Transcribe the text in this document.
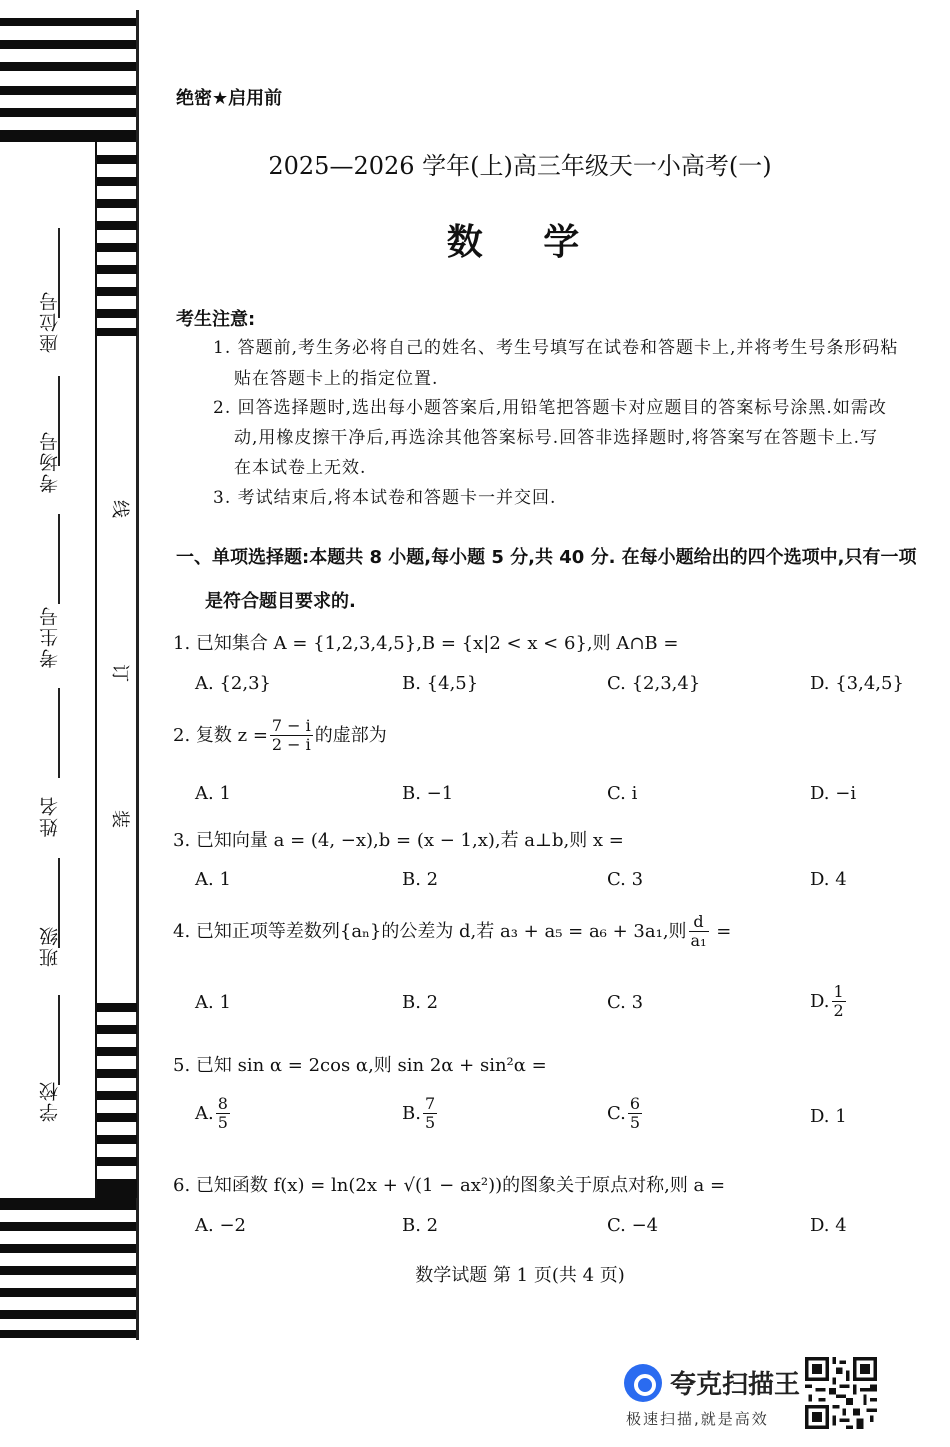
座位号
考场号
考生号
姓名
班级
学校
线
订
装
绝密★启用前
2025—2026 学年(上)高三年级天一小高考(一)
数 学
考生注意:
1. 答题前,考生务必将自己的姓名、考生号填写在试卷和答题卡上,并将考生号条形码粘
贴在答题卡上的指定位置.
2. 回答选择题时,选出每小题答案后,用铅笔把答题卡对应题目的答案标号涂黑.如需改
动,用橡皮擦干净后,再选涂其他答案标号.回答非选择题时,将答案写在答题卡上.写
在本试卷上无效.
3. 考试结束后,将本试卷和答题卡一并交回.
一、单项选择题:本题共 8 小题,每小题 5 分,共 40 分. 在每小题给出的四个选项中,只有一项
是符合题目要求的.
1. 已知集合 A = {1,2,3,4,5},B = {x|2 < x < 6},则 A∩B =
A. {2,3}	B. {4,5}	C. {2,3,4}	D. {3,4,5}
2. 复数 $z = \frac{7 - i}{2 - i}$ 的虚部为
A. 1	B. −1	C. i	D. −i
3. 已知向量 a = (4, −x),b = (x − 1,x),若 a⊥b,则 x =
A. 1	B. 2	C. 3	D. 4
4. 已知正项等差数列{aₙ}的公差为 d,若 a₃ + a₅ = a₆ + 3a₁,则 $\frac{d}{\text{a₁}}$ =
A. 1	B. 2	C. 3	D. $\frac{1}{2}$
5. 已知 sin α = 2cos α,则 sin 2α + sin²α =
A. $\frac{8}{5}$	B. $\frac{7}{5}$	C. $\frac{6}{5}$	D. 1
6. 已知函数 f(x) = ln(2x + √(1 − ax²))的图象关于原点对称,则 a =
A. −2	B. 2	C. −4	D. 4
数学试题 第 1 页(共 4 页)
夸克扫描王
极速扫描,就是高效
